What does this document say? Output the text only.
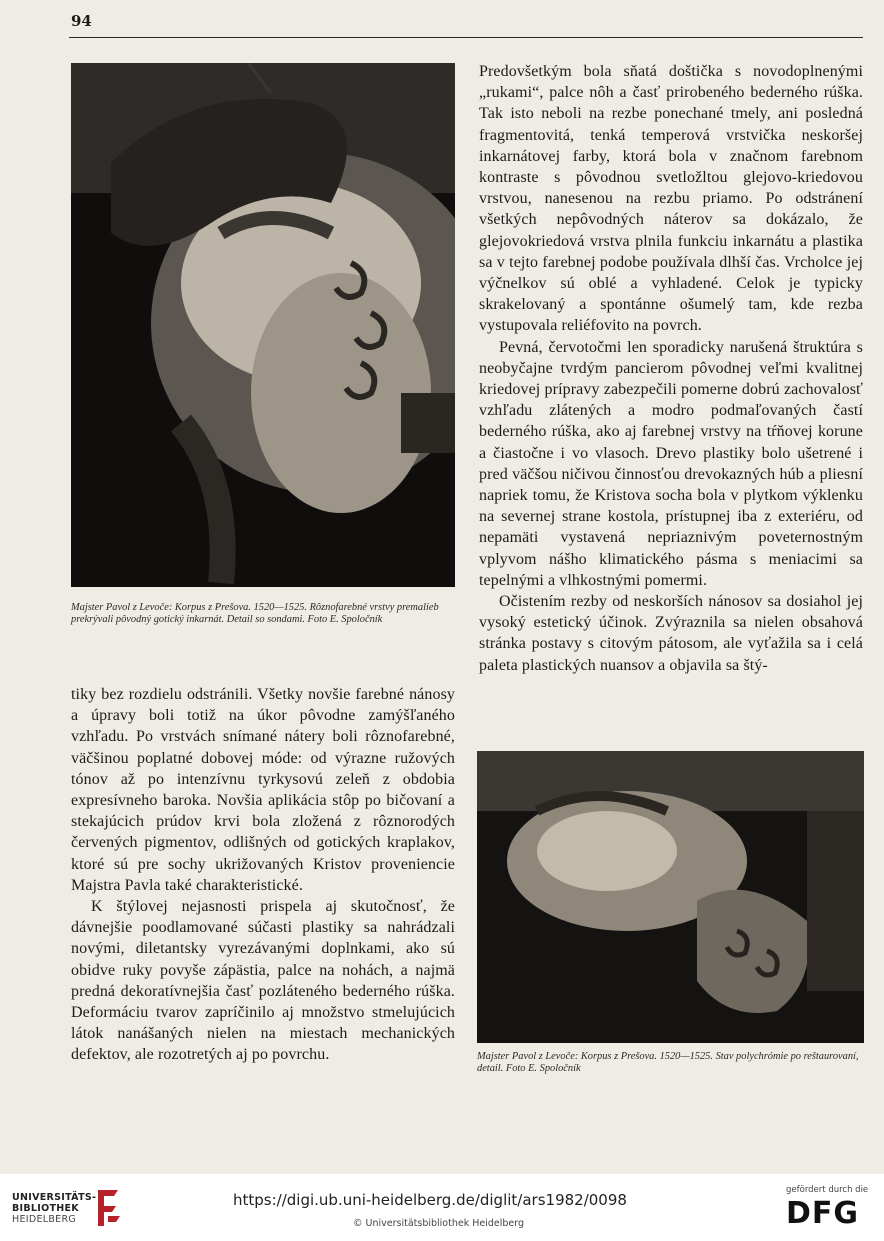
94
Majster Pavol z Levoče: Korpus z Prešova. 1520—1525. Rôznofarebné vrstvy premalieb prekrývali pôvodný gotický inkarnát. Detail so sondami. Foto E. Spoločník

tiky bez rozdielu odstránili. Všetky novšie farebné nánosy a úpravy boli totiž na úkor pôvodne zamýšľaného vzhľadu. Po vrstvách snímané nátery boli rôznofarebné, väčšinou poplatné dobovej móde: od výrazne ružových tónov až po intenzívnu tyrkysovú zeleň z obdobia expresívneho baroka. Novšia aplikácia stôp po bičovaní a stekajúcich prúdov krvi bola zložená z rôznorodých červených pigmentov, odlišných od gotických kraplakov, ktoré sú pre sochy ukrižovaných Kristov proveniencie Majstra Pavla také charakteristické.

K štýlovej nejasnosti prispela aj skutočnosť, že dávnejšie poodlamované súčasti plastiky sa nahrádzali novými, diletantsky vyrezávanými doplnkami, ako sú obidve ruky povyše zápästia, palce na nohách, a najmä predná dekoratívnejšia časť pozláteného bederného rúška. Deformáciu tvarov zapríčinilo aj množstvo stmelujúcich látok nanášaných nielen na miestach mechanických defektov, ale rozotretých aj po povrchu.

Predovšetkým bola sňatá doštička s novodoplnenými „rukami“, palce nôh a časť prirobeného bederného rúška. Tak isto neboli na rezbe ponechané tmely, ani posledná fragmentovitá, tenká temperová vrstvička neskoršej inkarnátovej farby, ktorá bola v značnom farebnom kontraste s pôvodnou svetložltou glejovo-kriedovou vrstvou, nanesenou na rezbu priamo. Po odstránení všetkých nepôvodných náterov sa dokázalo, že glejovokriedová vrstva plnila funkciu inkarnátu a plastika sa v tejto farebnej podobe používala dlhší čas. Vrcholce jej výčnelkov sú oblé a vyhladené. Celok je typicky skrakelovaný a spontánne ošumelý tam, kde rezba vystupovala reliéfovito na povrch.

Pevná, červotočmi len sporadicky narušená štruktúra s neobyčajne tvrdým pancierom pôvodnej veľmi kvalitnej kriedovej prípravy zabezpečili pomerne dobrú zachovalosť vzhľadu zlátených a modro podmaľovaných častí bederného rúška, ako aj farebnej vrstvy na tŕňovej korune a čiastočne i vo vlasoch. Drevo plastiky bolo ušetrené i pred väčšou ničivou činnosťou drevokazných húb a pliesní napriek tomu, že Kristova socha bola v plytkom výklenku na severnej strane kostola, prístupnej iba z exteriéru, od nepamäti vystavená nepriaznivým poveternostným vplyvom nášho klimatického pásma s meniacimi sa tepelnými a vlhkostnými pomermi.

Očistením rezby od neskorších nánosov sa dosiahol jej vysoký estetický účinok. Zvýraznila sa nielen obsahová stránka postavy s citovým pátosom, ale vyťažila sa i celá paleta plastických nuansov a objavila sa štý-

Majster Pavol z Levoče: Korpus z Prešova. 1520—1525. Stav polychrómie po reštaurovaní, detail. Foto E. Spoločník
UNIVERSITÄTS-
BIBLIOTHEK
HEIDELBERG
https://digi.ub.uni-heidelberg.de/diglit/ars1982/0098
© Universitätsbibliothek Heidelberg
gefördert durch die
DFG
